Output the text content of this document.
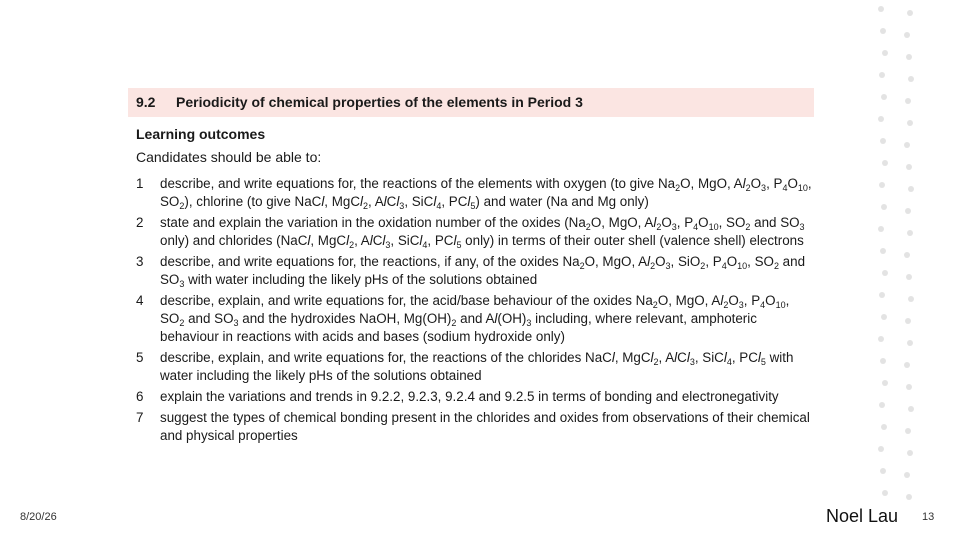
9.2 Periodicity of chemical properties of the elements in Period 3
Learning outcomes
Candidates should be able to:
1 describe, and write equations for, the reactions of the elements with oxygen (to give $Na_2O$, MgO, $Al_2O_3$, $P_4O_{10}$, $SO_2$), chlorine (to give NaCl, MgCl$_2$, AlCl$_3$, SiCl$_4$, PCl$_5$) and water (Na and Mg only)
2 state and explain the variation in the oxidation number of the oxides ($Na_2O$, MgO, $Al_2O_3$, $P_4O_{10}$, $SO_2$ and $SO_3$ only) and chlorides (NaCl, MgCl$_2$, AlCl$_3$, SiCl$_4$, PCl$_5$ only) in terms of their outer shell (valence shell) electrons
3 describe, and write equations for, the reactions, if any, of the oxides $Na_2O$, MgO, $Al_2O_3$, SiO$_2$, $P_4O_{10}$, $SO_2$ and $SO_3$ with water including the likely pHs of the solutions obtained
4 describe, explain, and write equations for, the acid/base behaviour of the oxides $Na_2O$, MgO, $Al_2O_3$, $P_4O_{10}$, $SO_2$ and $SO_3$ and the hydroxides NaOH, $Mg(OH)_2$ and $Al(OH)_3$ including, where relevant, amphoteric behaviour in reactions with acids and bases (sodium hydroxide only)
5 describe, explain, and write equations for, the reactions of the chlorides NaCl, MgCl$_2$, AlCl$_3$, SiCl$_4$, PCl$_5$ with water including the likely pHs of the solutions obtained
6 explain the variations and trends in 9.2.2, 9.2.3, 9.2.4 and 9.2.5 in terms of bonding and electronegativity
7 suggest the types of chemical bonding present in the chlorides and oxides from observations of their chemical and physical properties
8/20/26	Noel Lau 13
